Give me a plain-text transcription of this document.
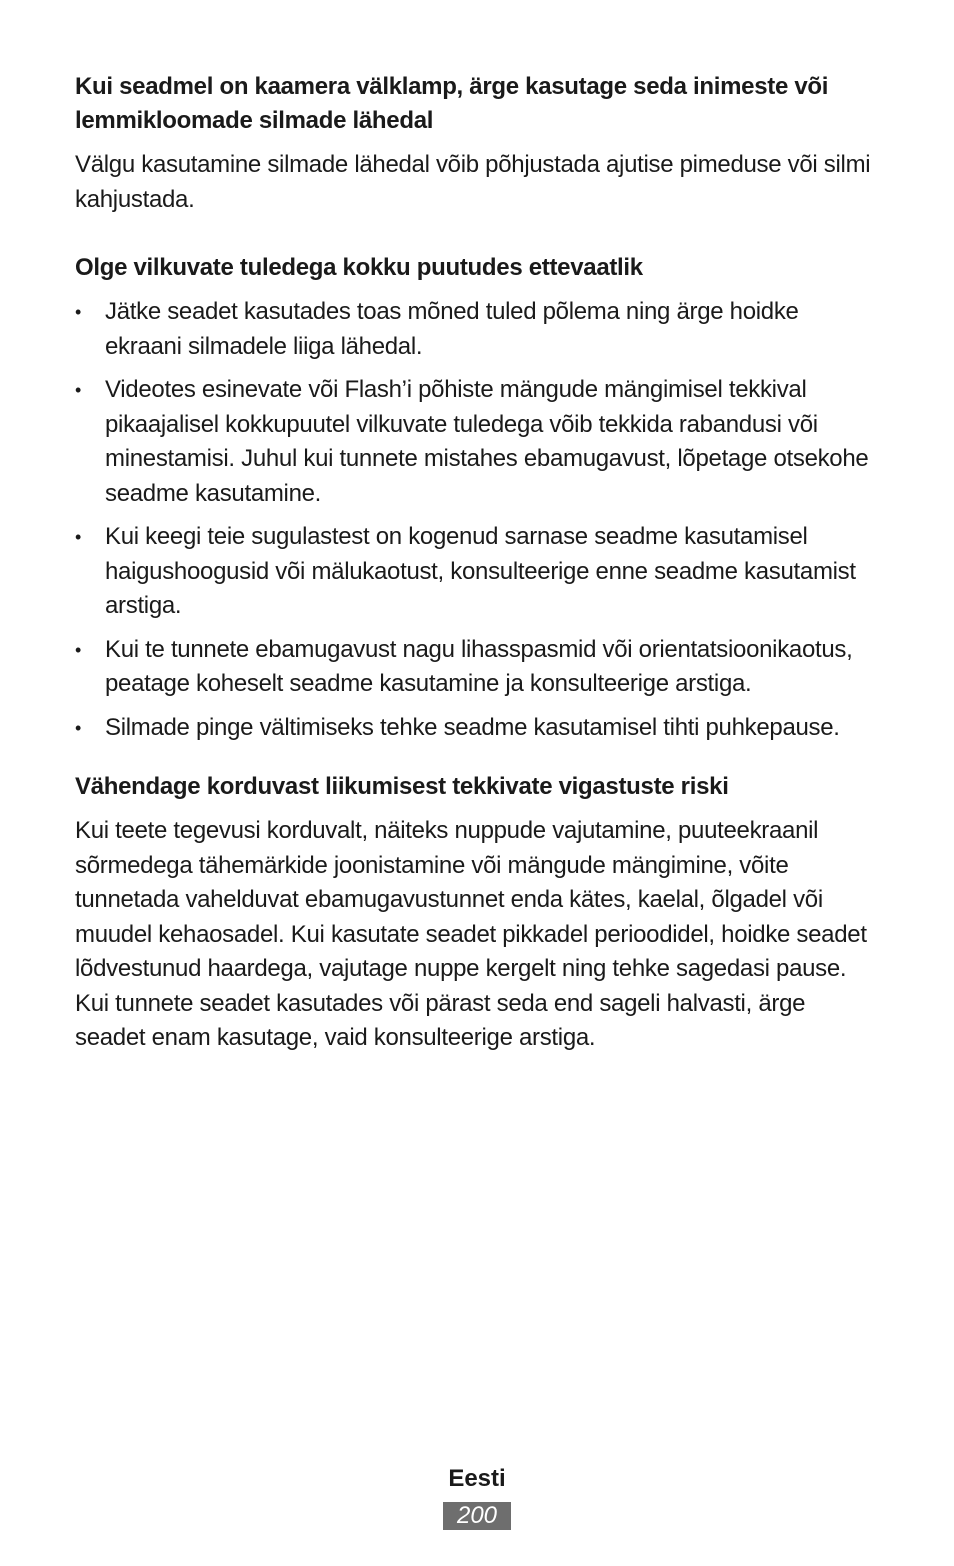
Kui seadmel on kaamera välklamp, ärge kasutage seda inimeste või lemmikloomade silmade lähedal

Välgu kasutamine silmade lähedal võib põhjustada ajutise pimeduse või silmi kahjustada.

Olge vilkuvate tuledega kokku puutudes ettevaatlik
• Jätke seadet kasutades toas mõned tuled põlema ning ärge hoidke ekraani silmadele liiga lähedal.
• Videotes esinevate või Flash’i põhiste mängude mängimisel tekkival pikaajalisel kokkupuutel vilkuvate tuledega võib tekkida rabandusi või minestamisi. Juhul kui tunnete mistahes ebamugavust, lõpetage otsekohe seadme kasutamine.
• Kui keegi teie sugulastest on kogenud sarnase seadme kasutamisel haigushoogusid või mälukaotust, konsulteerige enne seadme kasutamist arstiga.
• Kui te tunnete ebamugavust nagu lihasspasmid või orientatsioonikaotus, peatage koheselt seadme kasutamine ja konsulteerige arstiga.
• Silmade pinge vältimiseks tehke seadme kasutamisel tihti puhkepause.
Vähendage korduvast liikumisest tekkivate vigastuste riski

Kui teete tegevusi korduvalt, näiteks nuppude vajutamine, puuteekraanil sõrmedega tähemärkide joonistamine või mängude mängimine, võite tunnetada vahelduvat ebamugavustunnet enda kätes, kaelal, õlgadel või muudel kehaosadel. Kui kasutate seadet pikkadel perioodidel, hoidke seadet lõdvestunud haardega, vajutage nuppe kergelt ning tehke sagedasi pause. Kui tunnete seadet kasutades või pärast seda end sageli halvasti, ärge seadet enam kasutage, vaid konsulteerige arstiga.

Eesti
200
